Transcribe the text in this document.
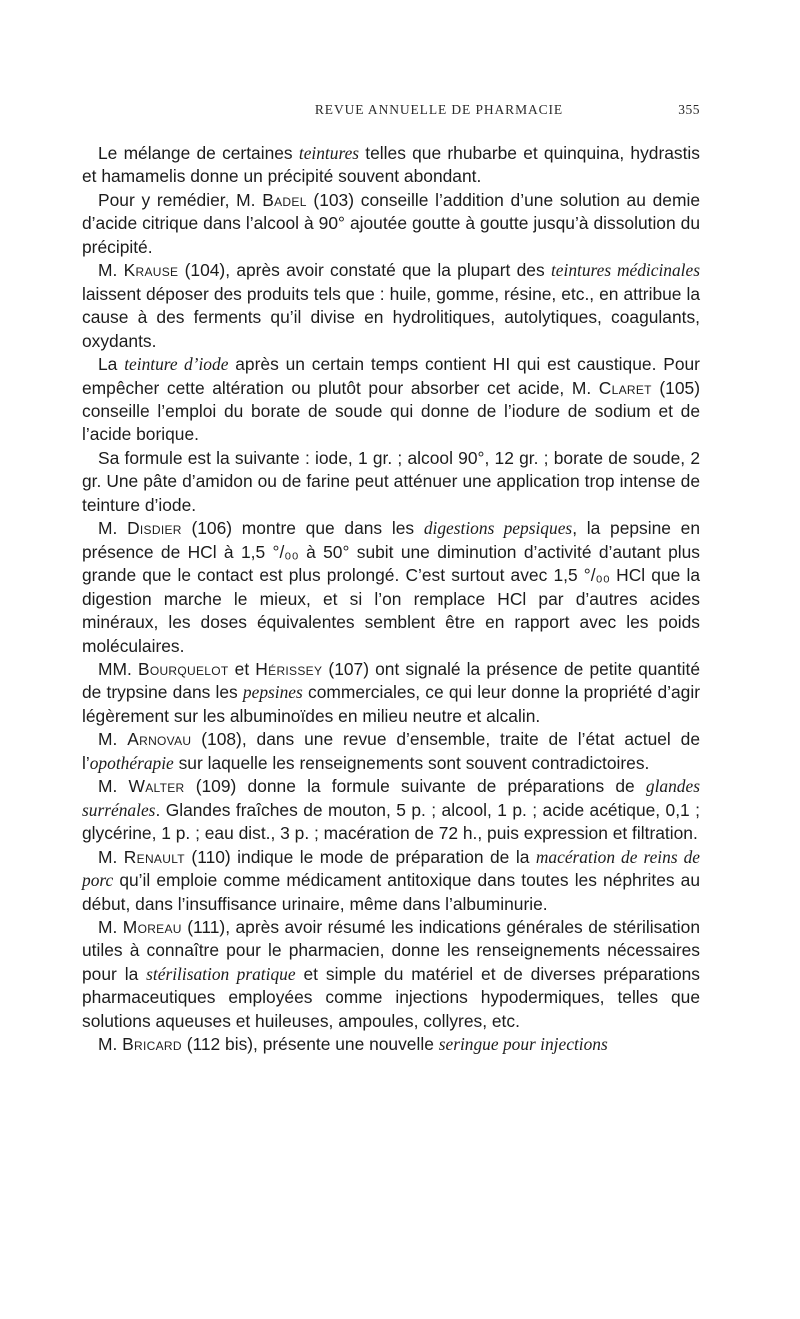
REVUE ANNUELLE DE PHARMACIE	355

Le mélange de certaines teintures telles que rhubarbe et quinquina, hydrastis et hamamelis donne un précipité souvent abondant.

Pour y remédier, M. Badel (103) conseille l’addition d’une solution au demie d’acide citrique dans l’alcool à 90° ajoutée goutte à goutte jusqu’à dissolution du précipité.

M. Krause (104), après avoir constaté que la plupart des teintures médicinales laissent déposer des produits tels que : huile, gomme, résine, etc., en attribue la cause à des ferments qu’il divise en hydrolitiques, autolytiques, coagulants, oxydants.

La teinture d’iode après un certain temps contient HI qui est caustique. Pour empêcher cette altération ou plutôt pour absorber cet acide, M. Claret (105) conseille l’emploi du borate de soude qui donne de l’iodure de sodium et de l’acide borique.

Sa formule est la suivante : iode, 1 gr. ; alcool 90°, 12 gr. ; borate de soude, 2 gr. Une pâte d’amidon ou de farine peut atténuer une application trop intense de teinture d’iode.

M. Disdier (106) montre que dans les digestions pepsiques, la pepsine en présence de HCl à 1,5 °/₀₀ à 50° subit une diminution d’activité d’autant plus grande que le contact est plus prolongé. C’est surtout avec 1,5 °/₀₀ HCl que la digestion marche le mieux, et si l’on remplace HCl par d’autres acides minéraux, les doses équivalentes semblent être en rapport avec les poids moléculaires.

MM. Bourquelot et Hérissey (107) ont signalé la présence de petite quantité de trypsine dans les pepsines commerciales, ce qui leur donne la propriété d’agir légèrement sur les albuminoïdes en milieu neutre et alcalin.

M. Arnovau (108), dans une revue d’ensemble, traite de l’état actuel de l’opothérapie sur laquelle les renseignements sont souvent contradictoires.

M. Walter (109) donne la formule suivante de préparations de glandes surrénales. Glandes fraîches de mouton, 5 p. ; alcool, 1 p. ; acide acétique, 0,1 ; glycérine, 1 p. ; eau dist., 3 p. ; macération de 72 h., puis expression et filtration.

M. Renault (110) indique le mode de préparation de la macération de reins de porc qu’il emploie comme médicament antitoxique dans toutes les néphrites au début, dans l’insuffisance urinaire, même dans l’albuminurie.

M. Moreau (111), après avoir résumé les indications générales de stérilisation utiles à connaître pour le pharmacien, donne les renseignements nécessaires pour la stérilisation pratique et simple du matériel et de diverses préparations pharmaceutiques employées comme injections hypodermiques, telles que solutions aqueuses et huileuses, ampoules, collyres, etc.

M. Bricard (112 bis), présente une nouvelle seringue pour injections
